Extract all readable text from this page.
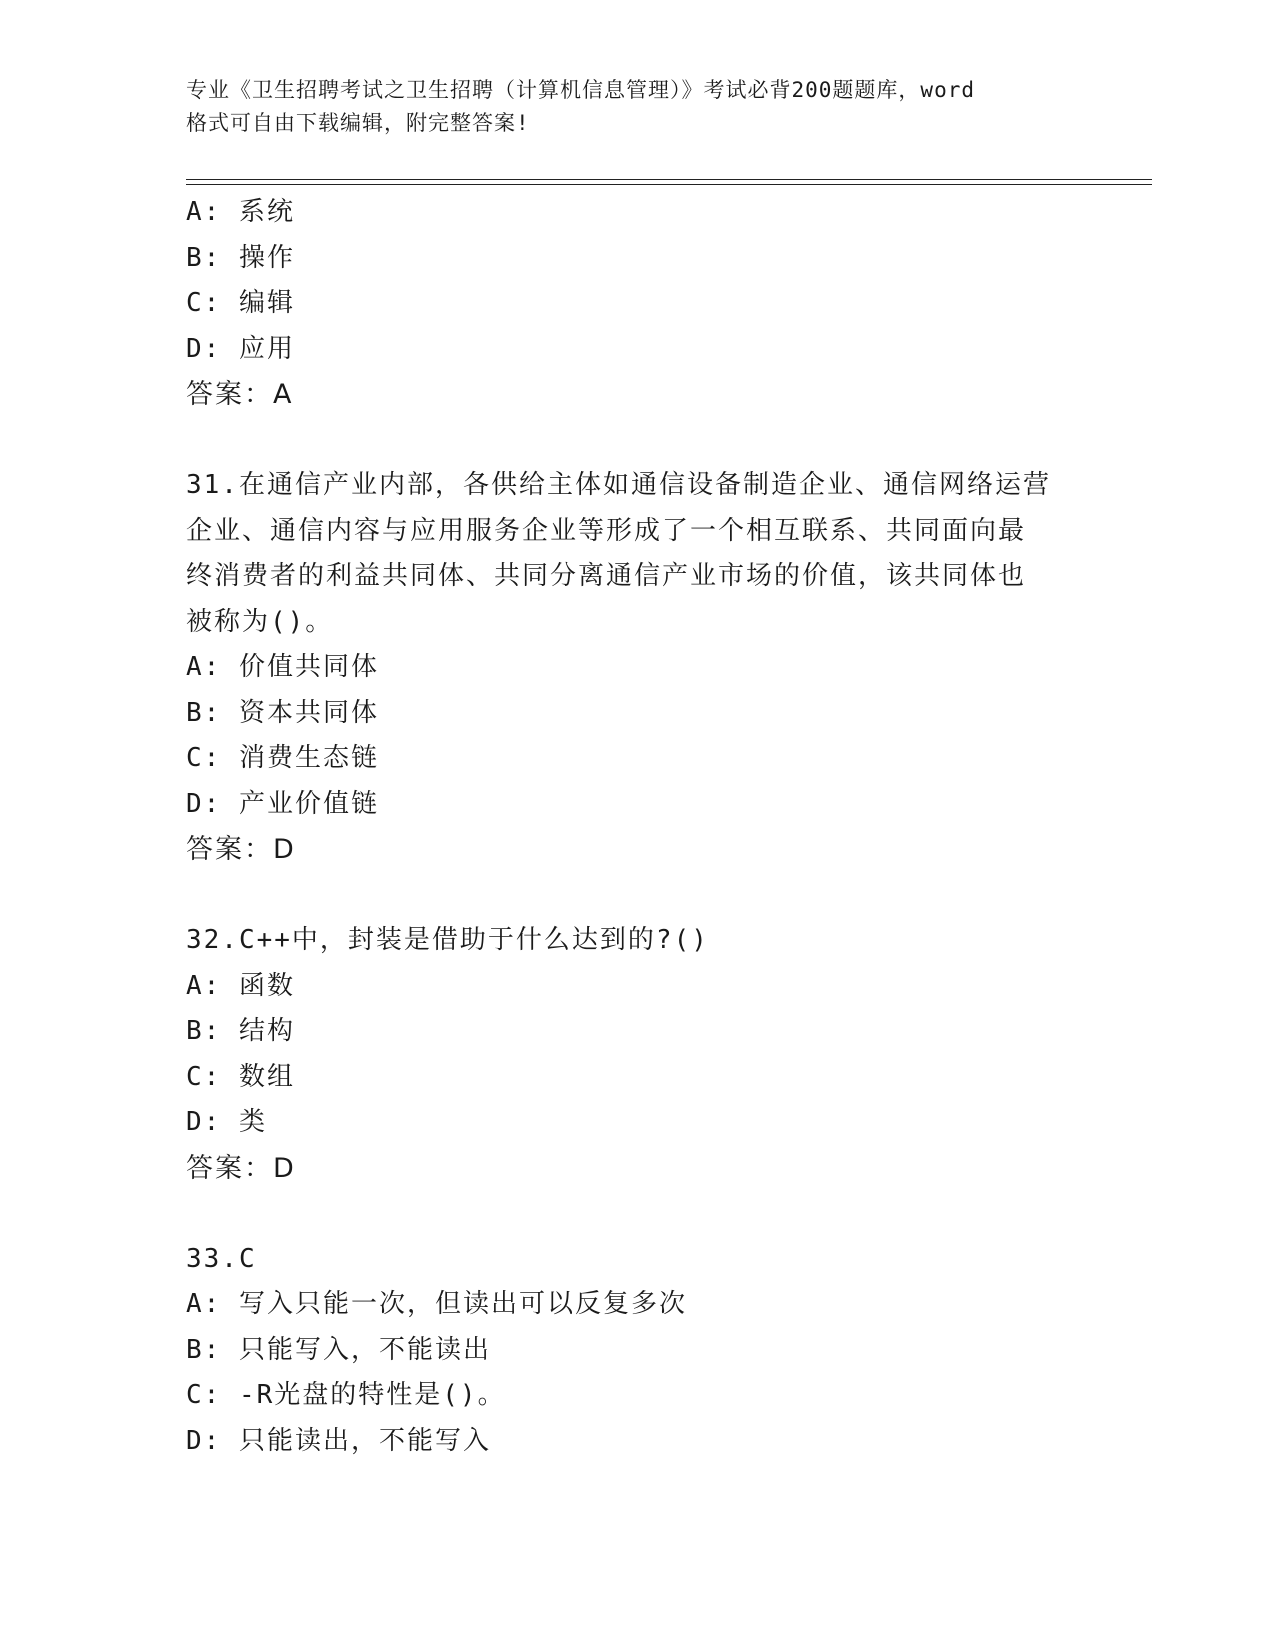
专业《卫生招聘考试之卫生招聘（计算机信息管理）》考试必背200题题库，word
格式可自由下载编辑，附完整答案!
A: 系统
B: 操作
C: 编辑
D: 应用
答案：A
31.在通信产业内部，各供给主体如通信设备制造企业、通信网络运营
企业、通信内容与应用服务企业等形成了一个相互联系、共同面向最
终消费者的利益共同体、共同分离通信产业市场的价值，该共同体也
被称为()。
A: 价值共同体
B: 资本共同体
C: 消费生态链
D: 产业价值链
答案：D
32.C++中，封装是借助于什么达到的?()
A: 函数
B: 结构
C: 数组
D: 类
答案：D
33.C
A: 写入只能一次，但读出可以反复多次
B: 只能写入，不能读出
C: -R光盘的特性是()。
D: 只能读出，不能写入
